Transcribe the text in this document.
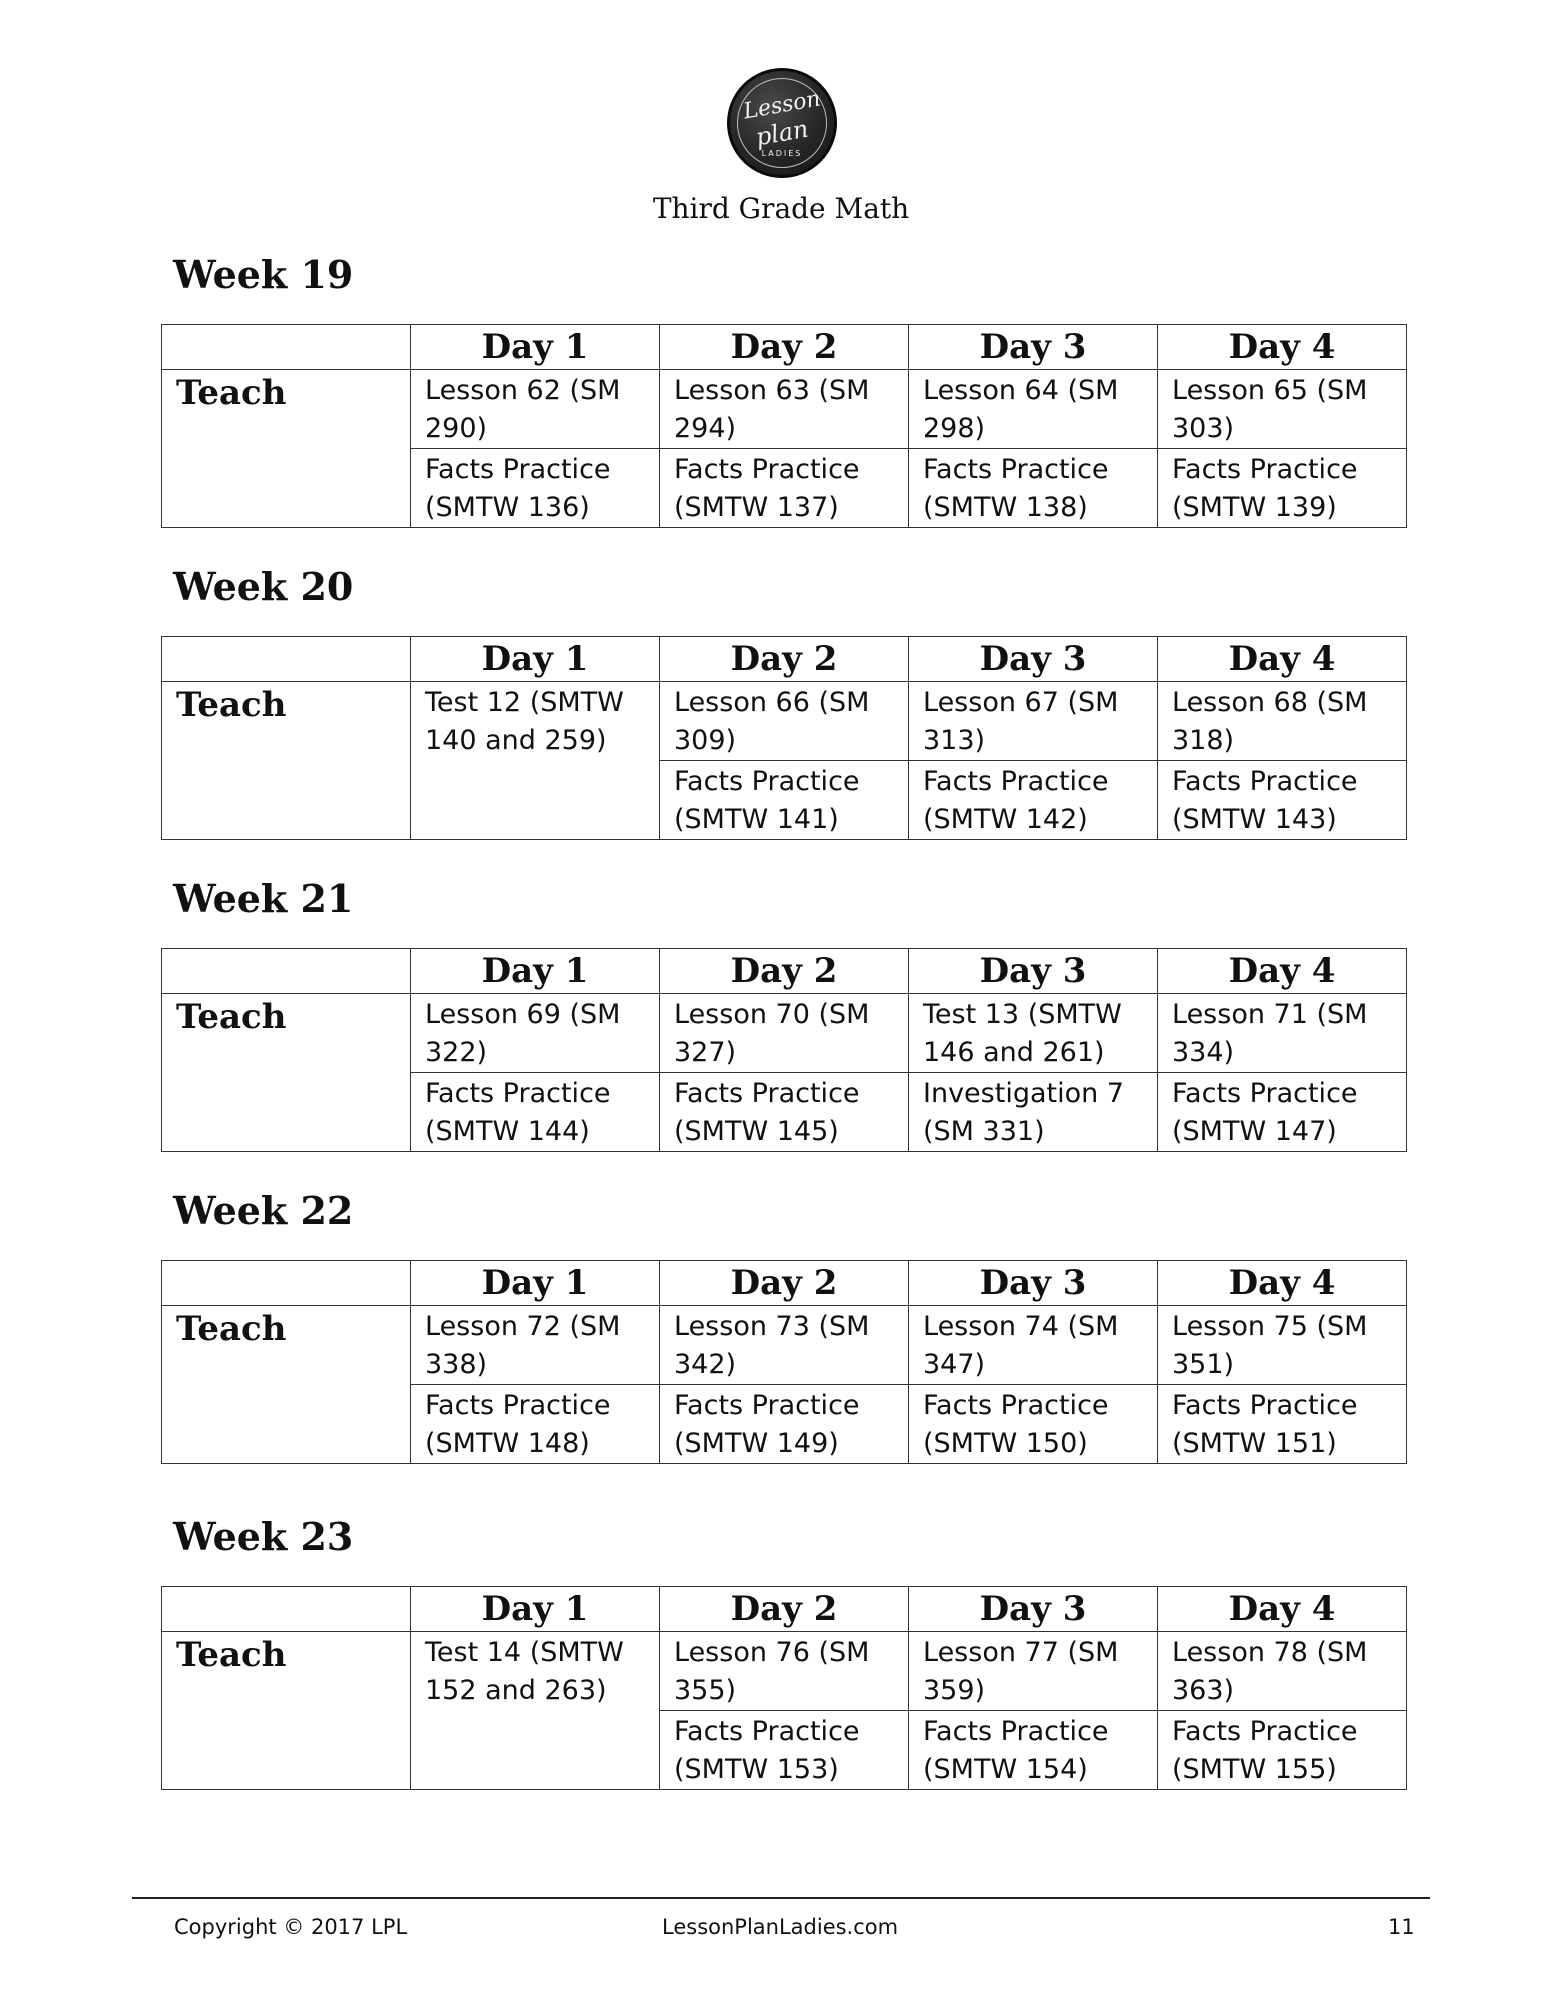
Lesson
plan
LADIES
Third Grade Math
Week 19
	Day 1	Day 2	Day 3	Day 4
Teach	Lesson 62 (SM 290)	Lesson 63 (SM 294)	Lesson 64 (SM 298)	Lesson 65 (SM 303)
	Facts Practice (SMTW 136)	Facts Practice (SMTW 137)	Facts Practice (SMTW 138)	Facts Practice (SMTW 139)
Week 20
	Day 1	Day 2	Day 3	Day 4
Teach	Test 12 (SMTW 140 and 259)	Lesson 66 (SM 309)	Lesson 67 (SM 313)	Lesson 68 (SM 318)
		Facts Practice (SMTW 141)	Facts Practice (SMTW 142)	Facts Practice (SMTW 143)
Week 21
	Day 1	Day 2	Day 3	Day 4
Teach	Lesson 69 (SM 322)	Lesson 70 (SM 327)	Test 13 (SMTW 146 and 261)	Lesson 71 (SM 334)
	Facts Practice (SMTW 144)	Facts Practice (SMTW 145)	Investigation 7 (SM 331)	Facts Practice (SMTW 147)
Week 22
	Day 1	Day 2	Day 3	Day 4
Teach	Lesson 72 (SM 338)	Lesson 73 (SM 342)	Lesson 74 (SM 347)	Lesson 75 (SM 351)
	Facts Practice (SMTW 148)	Facts Practice (SMTW 149)	Facts Practice (SMTW 150)	Facts Practice (SMTW 151)
Week 23
	Day 1	Day 2	Day 3	Day 4
Teach	Test 14 (SMTW 152 and 263)	Lesson 76 (SM 355)	Lesson 77 (SM 359)	Lesson 78 (SM 363)
		Facts Practice (SMTW 153)	Facts Practice (SMTW 154)	Facts Practice (SMTW 155)
Copyright © 2017 LPL	LessonPlanLadies.com	11
